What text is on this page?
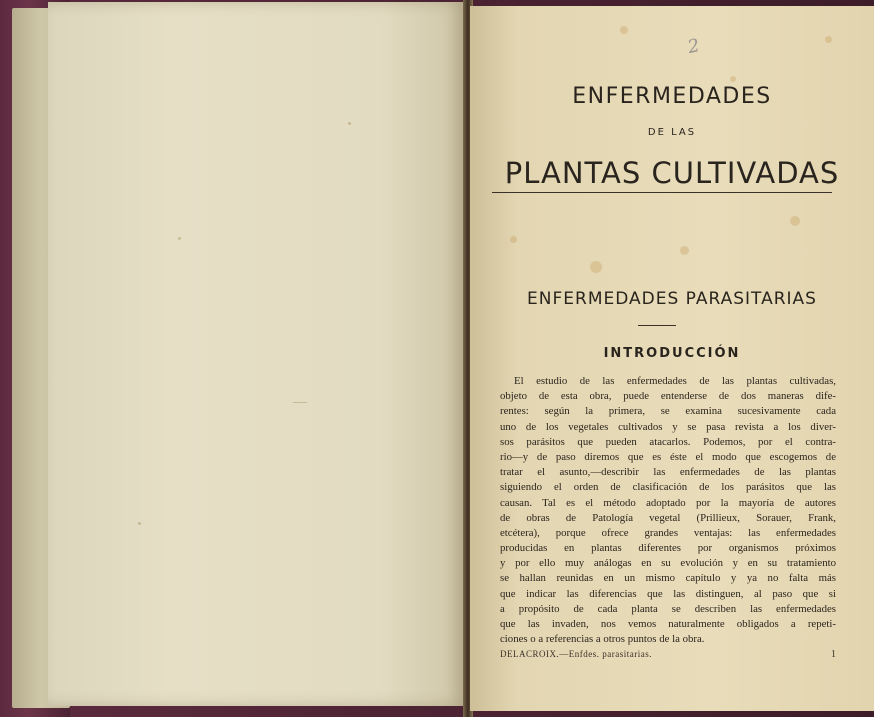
2
ENFERMEDADES
DE LAS
PLANTAS CULTIVADAS
ENFERMEDADES PARASITARIAS
INTRODUCCIÓN
El estudio de las enfermedades de las plantas cultivadas,
objeto de esta obra, puede entenderse de dos maneras dife-
rentes: según la primera, se examina sucesivamente cada
uno de los vegetales cultivados y se pasa revista a los diver-
sos parásitos que pueden atacarlos. Podemos, por el contra-
rio—y de paso diremos que es éste el modo que escogemos de
tratar el asunto,—describir las enfermedades de las plantas
siguiendo el orden de clasificación de los parásitos que las
causan. Tal es el método adoptado por la mayoría de autores
de obras de Patología vegetal (Prillieux, Sorauer, Frank,
etcétera), porque ofrece grandes ventajas: las enfermedades
producidas en plantas diferentes por organismos próximos
y por ello muy análogas en su evolución y en su tratamiento
se hallan reunidas en un mismo capítulo y ya no falta más
que indicar las diferencias que las distinguen, al paso que si
a propósito de cada planta se describen las enfermedades
que las invaden, nos vemos naturalmente obligados a repeti-
ciones o a referencias a otros puntos de la obra.
DELACROIX.—Enfdes. parasitarias.	1
